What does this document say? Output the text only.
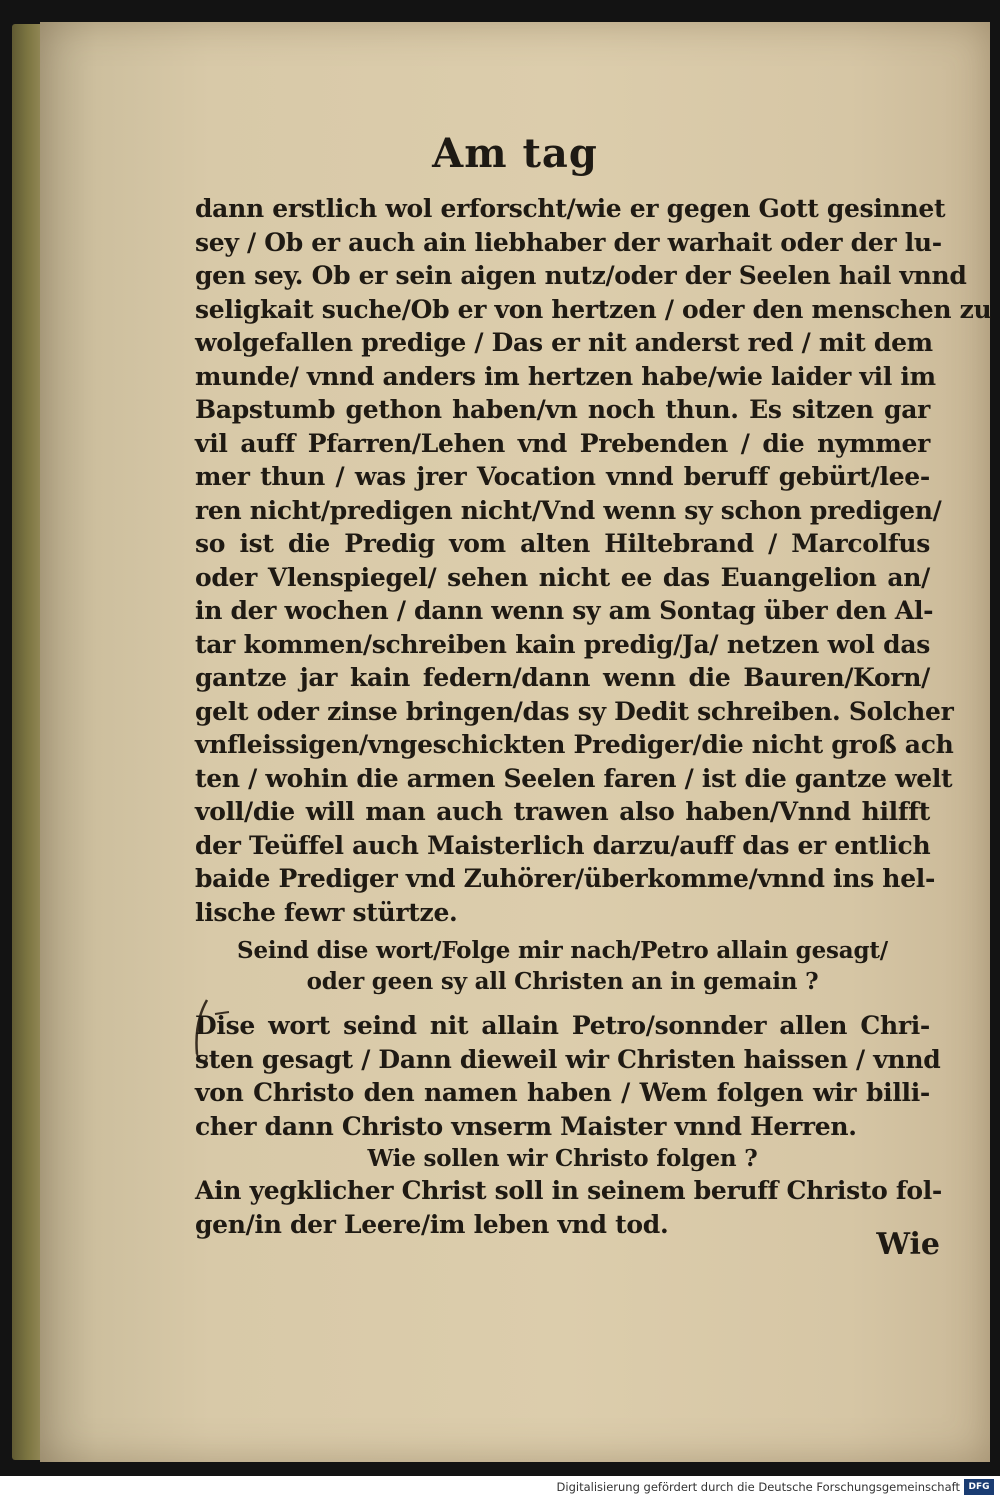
Am tag
dann erstlich wol erforscht/wie er gegen Gott gesinnet
sey / Ob er auch ain liebhaber der warhait oder der lu-
gen sey. Ob er sein aigen nutz/oder der Seelen hail vnnd
seligkait suche/Ob er von hertzen / oder den menschen zu
wolgefallen predige / Das er nit anderst red / mit dem
munde/ vnnd anders im hertzen habe/wie laider vil im
Bapstumb gethon haben/vn noch thun. Es sitzen gar
vil auff Pfarren/Lehen vnd Prebenden / die nymmer
mer thun / was jrer Vocation vnnd beruff gebürt/lee-
ren nicht/predigen nicht/Vnd wenn sy schon predigen/
so ist die Predig vom alten Hiltebrand / Marcolfus
oder Vlenspiegel/ sehen nicht ee das Euangelion an/
in der wochen / dann wenn sy am Sontag über den Al-
tar kommen/schreiben kain predig/Ja/ netzen wol das
gantze jar kain federn/dann wenn die Bauren/Korn/
gelt oder zinse bringen/das sy Dedit schreiben. Solcher
vnfleissigen/vngeschickten Prediger/die nicht groß ach
ten / wohin die armen Seelen faren / ist die gantze welt
voll/die will man auch trawen also haben/Vnnd hilfft
der Teüffel auch Maisterlich darzu/auff das er entlich
baide Prediger vnd Zuhörer/überkomme/vnnd ins hel-
lische fewr stürtze.
Seind dise wort/Folge mir nach/Petro allain gesagt/
oder geen sy all Christen an in gemain ?
Dise wort seind nit allain Petro/sonnder allen Chri-
sten gesagt / Dann dieweil wir Christen haissen / vnnd
von Christo den namen haben / Wem folgen wir billi-
cher dann Christo vnserm Maister vnnd Herren.
Wie sollen wir Christo folgen ?
Ain yegklicher Christ soll in seinem beruff Christo fol-
gen/in der Leere/im leben vnd tod.
Wie
Digitalisierung gefördert durch die Deutsche Forschungsgemeinschaft DFG
